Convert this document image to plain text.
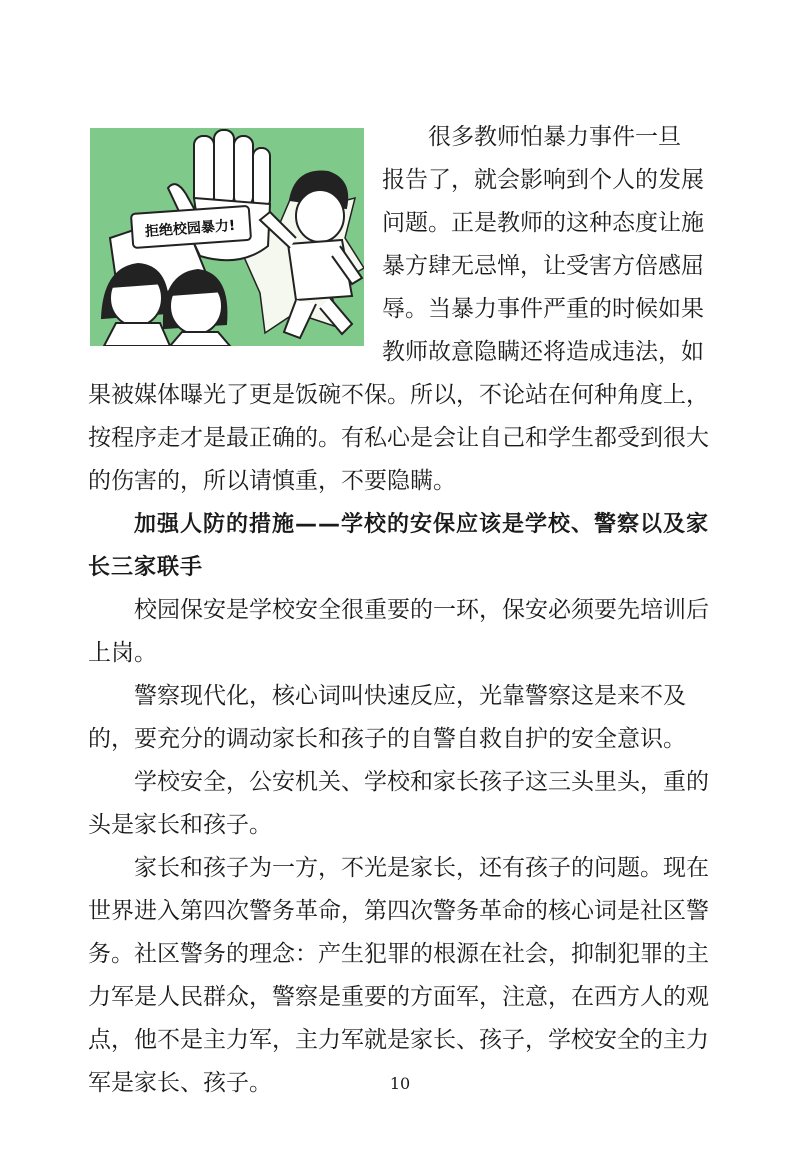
拒绝校园暴力!

很多教师怕暴力事件一旦

报告了，就会影响到个人的发展

问题。正是教师的这种态度让施

暴方肆无忌惮，让受害方倍感屈

辱。当暴力事件严重的时候如果

教师故意隐瞒还将造成违法，如

果被媒体曝光了更是饭碗不保。所以，不论站在何种角度上，按程序走才是最正确的。有私心是会让自己和学生都受到很大的伤害的，所以请慎重，不要隐瞒。

加强人防的措施——学校的安保应该是学校、警察以及家长三家联手

校园保安是学校安全很重要的一环，保安必须要先培训后上岗。

警察现代化，核心词叫快速反应，光靠警察这是来不及的，要充分的调动家长和孩子的自警自救自护的安全意识。

学校安全，公安机关、学校和家长孩子这三头里头，重的头是家长和孩子。

家长和孩子为一方，不光是家长，还有孩子的问题。现在世界进入第四次警务革命，第四次警务革命的核心词是社区警务。社区警务的理念：产生犯罪的根源在社会，抑制犯罪的主力军是人民群众，警察是重要的方面军，注意，在西方人的观点，他不是主力军，主力军就是家长、孩子，学校安全的主力军是家长、孩子。	10
